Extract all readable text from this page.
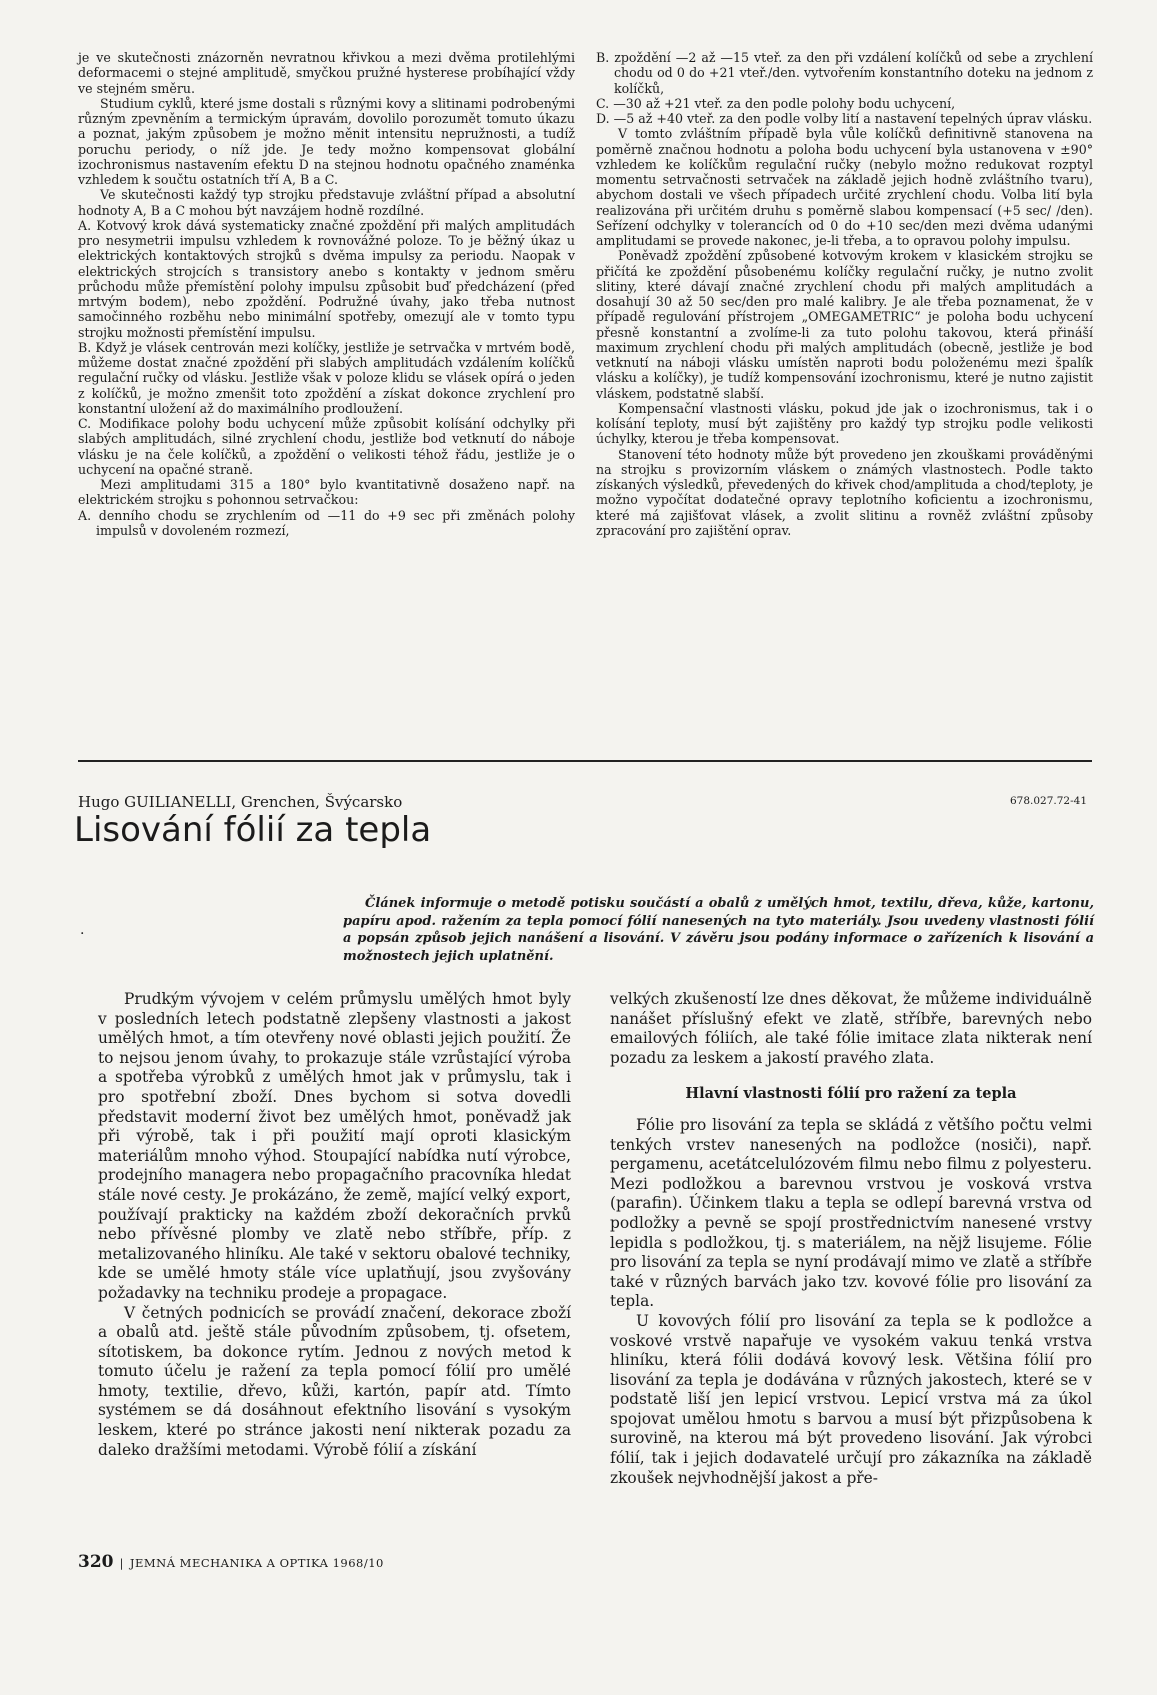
je ve skutečnosti znázorněn nevratnou křivkou a mezi dvěma protilehlými deformacemi o stejné amplitudě, smyčkou pružné hysterese probíhající vždy ve stejném směru.

Studium cyklů, které jsme dostali s různými kovy a slitinami podrobenými různým zpevněním a termickým úpravám, dovolilo porozumět tomuto úkazu a poznat, jakým způsobem je možno měnit intensitu nepružnosti, a tudíž poruchu periody, o níž jde. Je tedy možno kompensovat globální izochronismus nastavením efektu D na stejnou hodnotu opačného znaménka vzhledem k součtu ostatních tří A, B a C.

Ve skutečnosti každý typ strojku představuje zvláštní případ a absolutní hodnoty A, B a C mohou být navzájem hodně rozdílné.

A. Kotvový krok dává systematicky značné zpoždění při malých amplitudách pro nesymetrii impulsu vzhledem k rovnovážné poloze. To je běžný úkaz u elektrických kontaktových strojků s dvěma impulsy za periodu. Naopak v elektrických strojcích s transistory anebo s kontakty v jednom směru průchodu může přemístění polohy impulsu způsobit buď předcházení (před mrtvým bodem), nebo zpoždění. Podružné úvahy, jako třeba nutnost samočinného rozběhu nebo minimální spotřeby, omezují ale v tomto typu strojku možnosti přemístění impulsu.

B. Když je vlásek centrován mezi kolíčky, jestliže je setrvačka v mrtvém bodě, můžeme dostat značné zpoždění při slabých amplitudách vzdálením kolíčků regulační ručky od vlásku. Jestliže však v poloze klidu se vlásek opírá o jeden z kolíčků, je možno zmenšit toto zpoždění a získat dokonce zrychlení pro konstantní uložení až do maximálního prodloužení.

C. Modifikace polohy bodu uchycení může způsobit kolísání odchylky při slabých amplitudách, silné zrychlení chodu, jestliže bod vetknutí do náboje vlásku je na čele kolíčků, a zpoždění o velikosti téhož řádu, jestliže je o uchycení na opačné straně.

Mezi amplitudami 315 a 180° bylo kvantitativně dosaženo např. na elektrickém strojku s pohonnou setrvačkou:

A. denního chodu se zrychlením od —11 do +9 sec při změnách polohy impulsů v dovoleném rozmezí,

B. zpoždění —2 až —15 vteř. za den při vzdálení kolíčků od sebe a zrychlení chodu od 0 do +21 vteř./den. vytvořením konstantního doteku na jednom z kolíčků,

C. —30 až +21 vteř. za den podle polohy bodu uchycení,

D. —5 až +40 vteř. za den podle volby lití a nastavení tepelných úprav vlásku.

V tomto zvláštním případě byla vůle kolíčků definitivně stanovena na poměrně značnou hodnotu a poloha bodu uchycení byla ustanovena v ±90° vzhledem ke kolíčkům regulační ručky (nebylo možno redukovat rozptyl momentu setrvačnosti setrvaček na základě jejich hodně zvláštního tvaru), abychom dostali ve všech případech určité zrychlení chodu. Volba lití byla realizována při určitém druhu s poměrně slabou kompensací (+5 sec/ /den). Seřízení odchylky v tolerancích od 0 do +10 sec/den mezi dvěma udanými amplitudami se provede nakonec, je-li třeba, a to opravou polohy impulsu.

Poněvadž zpoždění způsobené kotvovým krokem v klasickém strojku se přičítá ke zpoždění působenému kolíčky regulační ručky, je nutno zvolit slitiny, které dávají značné zrychlení chodu při malých amplitudách a dosahují 30 až 50 sec/den pro malé kalibry. Je ale třeba poznamenat, že v případě regulování přístrojem „OMEGAMETRIC“ je poloha bodu uchycení přesně konstantní a zvolíme-li za tuto polohu takovou, která přináší maximum zrychlení chodu při malých amplitudách (obecně, jestliže je bod vetknutí na náboji vlásku umístěn naproti bodu položenému mezi špalík vlásku a kolíčky), je tudíž kompensování izochronismu, které je nutno zajistit vláskem, podstatně slabší.

Kompensační vlastnosti vlásku, pokud jde jak o izochronismus, tak i o kolísání teploty, musí být zajištěny pro každý typ strojku podle velikosti úchylky, kterou je třeba kompensovat.

Stanovení této hodnoty může být provedeno jen zkouškami prováděnými na strojku s provizorním vláskem o známých vlastnostech. Podle takto získaných výsledků, převedených do křivek chod/amplituda a chod/teploty, je možno vypočítat dodatečné opravy teplotního koficientu a izochronismu, které má zajišťovat vlásek, a zvolit slitinu a rovněž zvláštní způsoby zpracování pro zajištění oprav.

Hugo GUILIANELLI, Grenchen, Švýcarsko	678.027.72-41
Lisování fólií za tepla
.

Článek informuje o metodě potisku součástí a obalů z umělých hmot, textilu, dřeva, kůže, kartonu, papíru apod. ražením za tepla pomocí fólií nanesených na tyto materiály. Jsou uvedeny vlastnosti fólií a popsán způsob jejich nanášení a lisování. V závěru jsou podány informace o zařízeních k lisování a možnostech jejich uplatnění.

Prudkým vývojem v celém průmyslu umělých hmot byly v posledních letech podstatně zlepšeny vlastnosti a jakost umělých hmot, a tím otevřeny nové oblasti jejich použití. Že to nejsou jenom úvahy, to prokazuje stále vzrůstající výroba a spotřeba výrobků z umělých hmot jak v průmyslu, tak i pro spotřební zboží. Dnes bychom si sotva dovedli představit moderní život bez umělých hmot, poněvadž jak při výrobě, tak i při použití mají oproti klasickým materiálům mnoho výhod. Stoupající nabídka nutí výrobce, prodejního managera nebo propagačního pracovníka hledat stále nové cesty. Je prokázáno, že země, mající velký export, používají prakticky na každém zboží dekoračních prvků nebo přívěsné plomby ve zlatě nebo stříbře, příp. z metalizovaného hliníku. Ale také v sektoru obalové techniky, kde se umělé hmoty stále více uplatňují, jsou zvyšovány požadavky na techniku prodeje a propagace.

V četných podnicích se provádí značení, dekorace zboží a obalů atd. ještě stále původním způsobem, tj. ofsetem, sítotiskem, ba dokonce rytím. Jednou z nových metod k tomuto účelu je ražení za tepla pomocí fólií pro umělé hmoty, textilie, dřevo, kůži, kartón, papír atd. Tímto systémem se dá dosáhnout efektního lisování s vysokým leskem, které po stránce jakosti není nikterak pozadu za daleko dražšími metodami. Výrobě fólií a získání

velkých zkušeností lze dnes děkovat, že můžeme individuálně nanášet příslušný efekt ve zlatě, stříbře, barevných nebo emailových fóliích, ale také fólie imitace zlata nikterak není pozadu za leskem a jakostí pravého zlata.

Hlavní vlastnosti fólií pro ražení za tepla

Fólie pro lisování za tepla se skládá z většího počtu velmi tenkých vrstev nanesených na podložce (nosiči), např. pergamenu, acetátcelulózovém filmu nebo filmu z polyesteru. Mezi podložkou a barevnou vrstvou je vosková vrstva (parafin). Účinkem tlaku a tepla se odlepí barevná vrstva od podložky a pevně se spojí prostřednictvím nanesené vrstvy lepidla s podložkou, tj. s materiálem, na nějž lisujeme. Fólie pro lisování za tepla se nyní prodávají mimo ve zlatě a stříbře také v různých barvách jako tzv. kovové fólie pro lisování za tepla.

U kovových fólií pro lisování za tepla se k podložce a voskové vrstvě napařuje ve vysokém vakuu tenká vrstva hliníku, která fólii dodává kovový lesk. Většina fólií pro lisování za tepla je dodávána v různých jakostech, které se v podstatě liší jen lepicí vrstvou. Lepicí vrstva má za úkol spojovat umělou hmotu s barvou a musí být přizpůsobena k surovině, na kterou má být provedeno lisování. Jak výrobci fólií, tak i jejich dodavatelé určují pro zákazníka na základě zkoušek nejvhodnější jakost a pře-

320 | JEMNÁ MECHANIKA A OPTIKA 1968/10
